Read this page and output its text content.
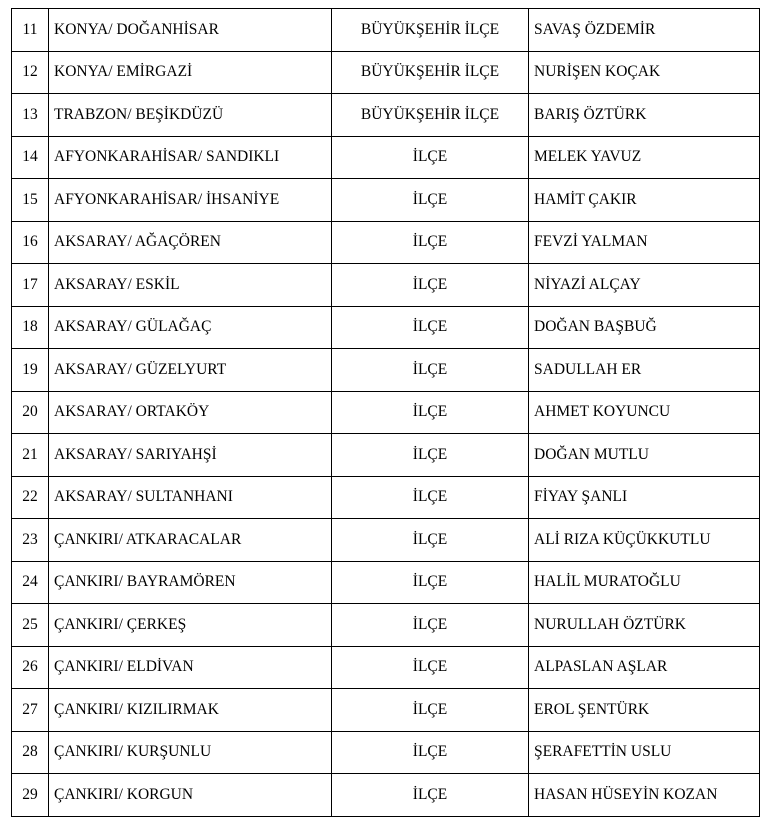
11	KONYA/ DOĞANHİSAR	BÜYÜKŞEHİR İLÇE	SAVAŞ ÖZDEMİR
12	KONYA/ EMİRGAZİ	BÜYÜKŞEHİR İLÇE	NURİŞEN KOÇAK
13	TRABZON/ BEŞİKDÜZÜ	BÜYÜKŞEHİR İLÇE	BARIŞ ÖZTÜRK
14	AFYONKARAHİSAR/ SANDIKLI	İLÇE	MELEK YAVUZ
15	AFYONKARAHİSAR/ İHSANİYE	İLÇE	HAMİT ÇAKIR
16	AKSARAY/ AĞAÇÖREN	İLÇE	FEVZİ YALMAN
17	AKSARAY/ ESKİL	İLÇE	NİYAZİ ALÇAY
18	AKSARAY/ GÜLAĞAÇ	İLÇE	DOĞAN BAŞBUĞ
19	AKSARAY/ GÜZELYURT	İLÇE	SADULLAH ER
20	AKSARAY/ ORTAKÖY	İLÇE	AHMET KOYUNCU
21	AKSARAY/ SARIYAHŞİ	İLÇE	DOĞAN MUTLU
22	AKSARAY/ SULTANHANI	İLÇE	FİYAY ŞANLI
23	ÇANKIRI/ ATKARACALAR	İLÇE	ALİ RIZA KÜÇÜKKUTLU
24	ÇANKIRI/ BAYRAMÖREN	İLÇE	HALİL MURATOĞLU
25	ÇANKIRI/ ÇERKEŞ	İLÇE	NURULLAH ÖZTÜRK
26	ÇANKIRI/ ELDİVAN	İLÇE	ALPASLAN AŞLAR
27	ÇANKIRI/ KIZILIRMAK	İLÇE	EROL ŞENTÜRK
28	ÇANKIRI/ KURŞUNLU	İLÇE	ŞERAFETTİN USLU
29	ÇANKIRI/ KORGUN	İLÇE	HASAN HÜSEYİN KOZAN
